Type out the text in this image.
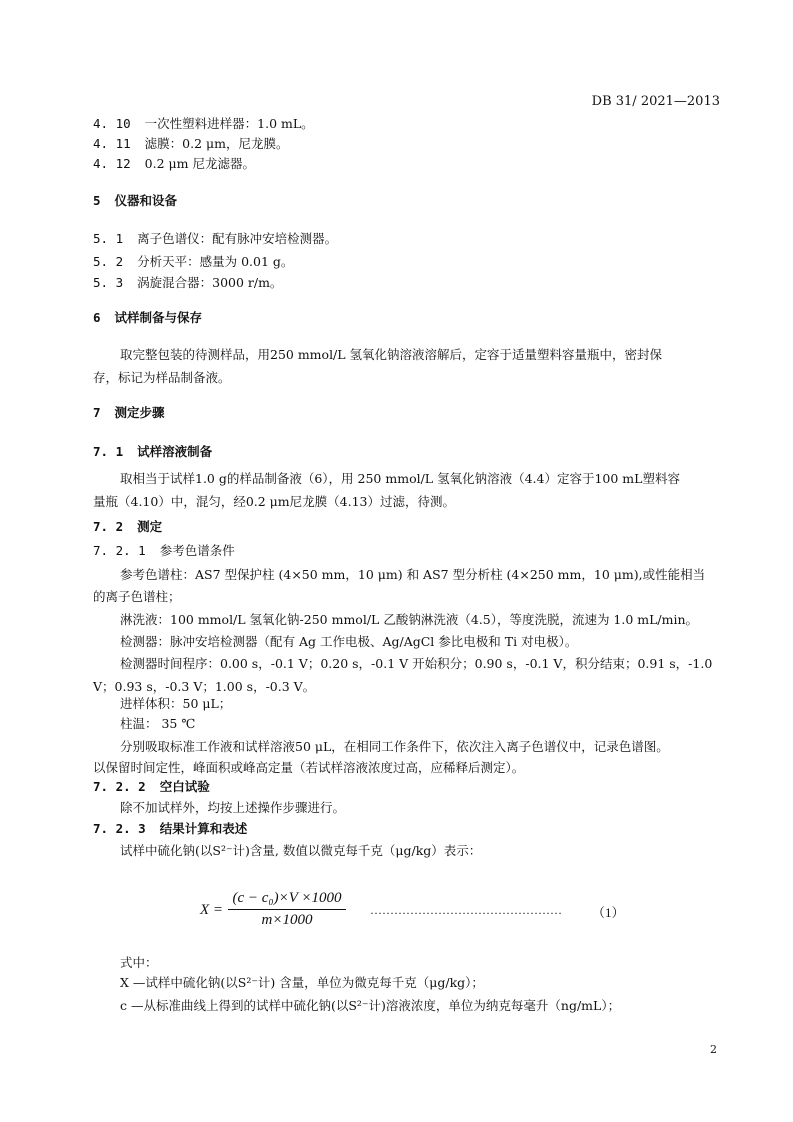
DB 31/ 2021—2013
4. 10 一次性塑料进样器：1.0 mL。
4. 11 滤膜：0.2 μm，尼龙膜。
4. 12 0.2 μm 尼龙滤器。
5 仪器和设备
5. 1 离子色谱仪：配有脉冲安培检测器。
5. 2 分析天平：感量为 0.01 g。
5. 3 涡旋混合器：3000 r/m。
6 试样制备与保存
取完整包装的待测样品，用250 mmol/L 氢氧化钠溶液溶解后，定容于适量塑料容量瓶中，密封保
存，标记为样品制备液。
7 测定步骤
7. 1 试样溶液制备
取相当于试样1.0 g的样品制备液（6），用 250 mmol/L 氢氧化钠溶液（4.4）定容于100 mL塑料容
量瓶（4.10）中，混匀，经0.2 μm尼龙膜（4.13）过滤，待测。
7. 2 测定
7. 2. 1 参考色谱条件
参考色谱柱：AS7 型保护柱 (4×50 mm，10 μm) 和 AS7 型分析柱 (4×250 mm，10 μm),或性能相当
的离子色谱柱；
淋洗液：100 mmol/L 氢氧化钠-250 mmol/L 乙酸钠淋洗液（4.5），等度洗脱，流速为 1.0 mL/min。
检测器：脉冲安培检测器（配有 Ag 工作电极、Ag/AgCl 参比电极和 Ti 对电极）。
检测器时间程序：0.00 s，-0.1 V；0.20 s，-0.1 V 开始积分；0.90 s，-0.1 V，积分结束；0.91 s，-1.0
V；0.93 s，-0.3 V；1.00 s，-0.3 V。
进样体积：50 μL；
柱温： 35 ℃
分别吸取标准工作液和试样溶液50 μL，在相同工作条件下，依次注入离子色谱仪中，记录色谱图。
以保留时间定性，峰面积或峰高定量（若试样溶液浓度过高，应稀释后测定）。
7. 2. 2 空白试验
除不加试样外，均按上述操作步骤进行。
7. 2. 3 结果计算和表述
试样中硫化钠(以S²⁻计)含量, 数值以微克每千克（μg/kg）表示：
式中：
X —试样中硫化钠(以S²⁻计) 含量，单位为微克每千克（μg/kg）；
c —从标准曲线上得到的试样中硫化钠(以S²⁻计)溶液浓度，单位为纳克每毫升（ng/mL）；
$X = \frac{\text{(c − c₀)×V ×1000}}{m\times 1000}$ ………………………………………… （1）
2
